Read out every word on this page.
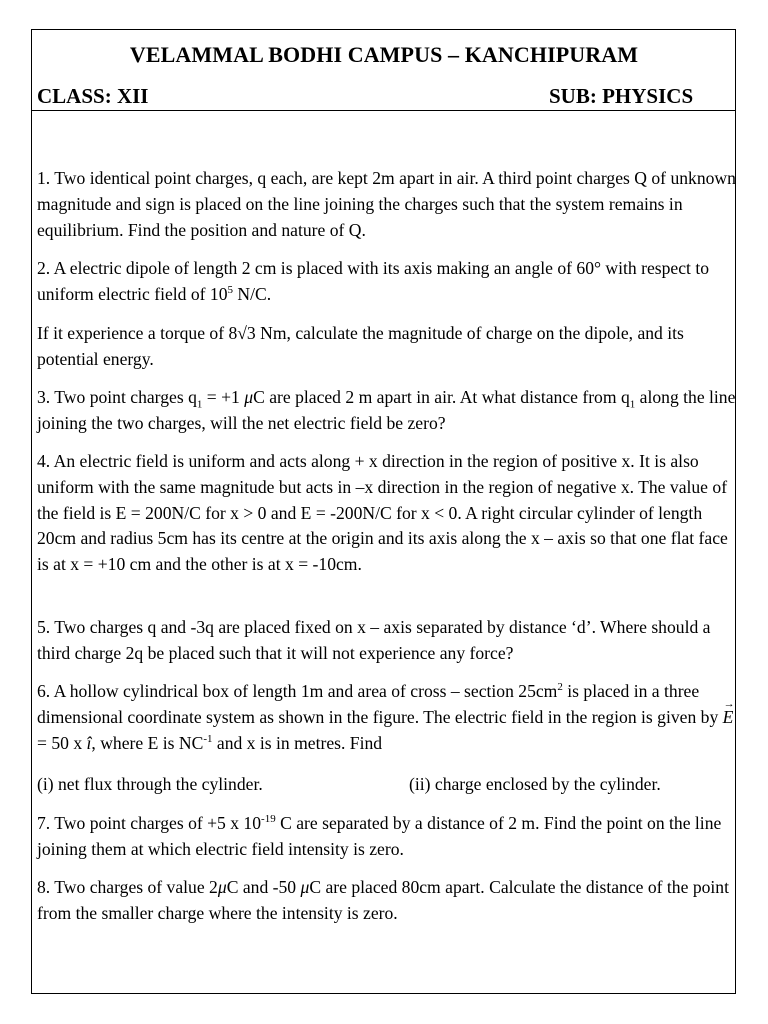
VELAMMAL BODHI CAMPUS – KANCHIPURAM
CLASS: XII	SUB: PHYSICS

1. Two identical point charges, q each, are kept 2m apart in air. A third point charges Q of unknown magnitude and sign is placed on the line joining the charges such that the system remains in equilibrium. Find the position and nature of Q.

2. A electric dipole of length 2 cm is placed with its axis making an angle of 60° with respect to uniform electric field of $10^5$ N/C.

If it experience a torque of 8√3 Nm, calculate the magnitude of charge on the dipole, and its potential energy.

3. Two point charges $q_1 = +1$ μC are placed 2 m apart in air. At what distance from $q_1$ along the line joining the two charges, will the net electric field be zero?

4. An electric field is uniform and acts along + x direction in the region of positive x. It is also uniform with the same magnitude but acts in –x direction in the region of negative x. The value of the field is E = 200N/C for x > 0 and E = -200N/C for x < 0. A right circular cylinder of length 20cm and radius 5cm has its centre at the origin and its axis along the x – axis so that one flat face is at x = +10 cm and the other is at x = -10cm.

5. Two charges q and -3q are placed fixed on x – axis separated by distance ‘d’. Where should a third charge 2q be placed such that it will not experience any force?

6. A hollow cylindrical box of length 1m and area of cross – section $25cm^2$ is placed in a three dimensional coordinate system as shown in the figure. The electric field in the region is given by → E = 50 x î, where E is $NC^{-1}$ and x is in metres. Find

(i) net flux through the cylinder.	(ii) charge enclosed by the cylinder.

7. Two point charges of +5 x $10^{-19}$ C are separated by a distance of 2 m. Find the point on the line joining them at which electric field intensity is zero.

8. Two charges of value 2μC and -50 μC are placed 80cm apart. Calculate the distance of the point from the smaller charge where the intensity is zero.
